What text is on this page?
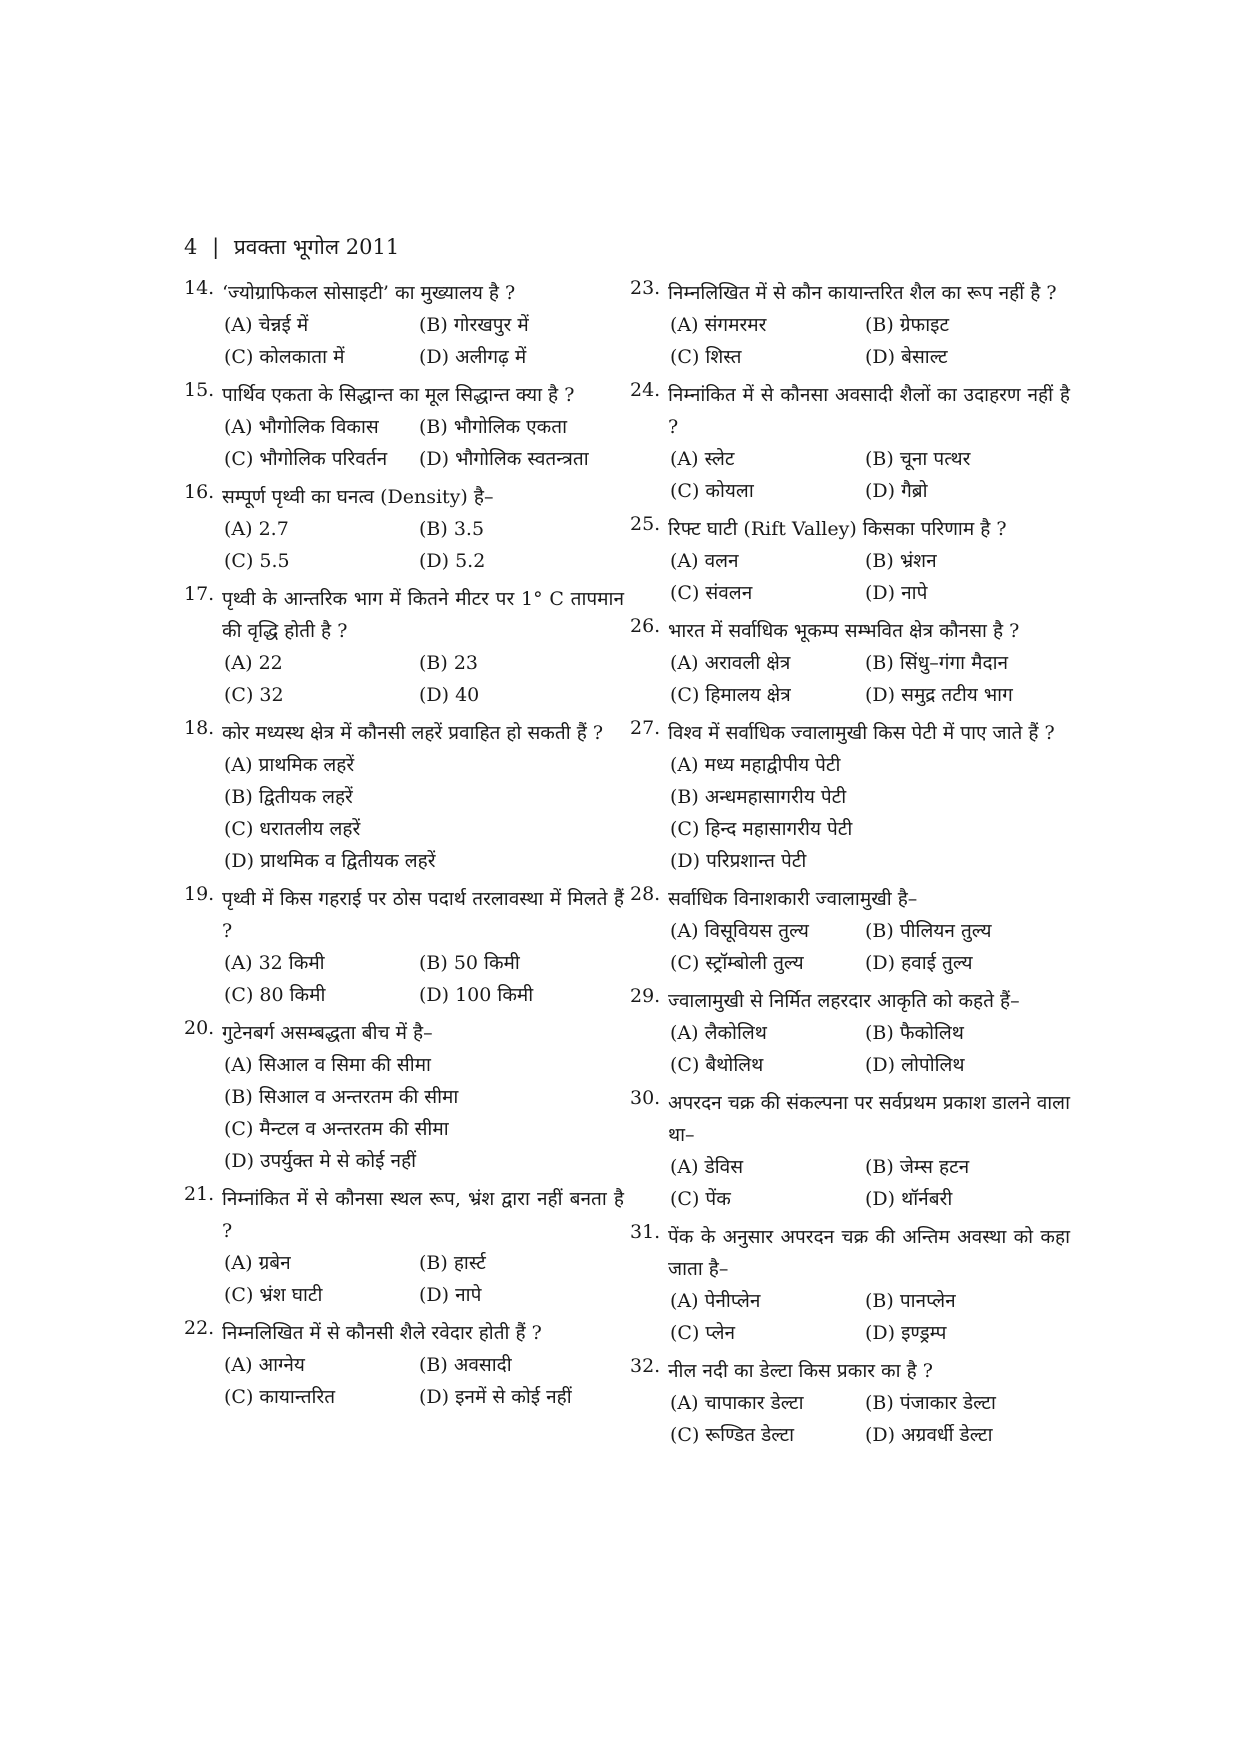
4 | प्रवक्ता भूगोल 2011
14. ‘ज्योग्राफिकल सोसाइटी’ का मुख्यालय है ?
(A) चेन्नई में	(B) गोरखपुर में
(C) कोलकाता में	(D) अलीगढ़ में
15. पार्थिव एकता के सिद्धान्त का मूल सिद्धान्त क्या है ?
(A) भौगोलिक विकास	(B) भौगोलिक एकता
(C) भौगोलिक परिवर्तन	(D) भौगोलिक स्वतन्त्रता
16. सम्पूर्ण पृथ्वी का घनत्व (Density) है–
(A) 2.7	(B) 3.5
(C) 5.5	(D) 5.2
17. पृथ्वी के आन्तरिक भाग में कितने मीटर पर 1° C तापमान की वृद्धि होती है ?
(A) 22	(B) 23
(C) 32	(D) 40
18. कोर मध्यस्थ क्षेत्र में कौनसी लहरें प्रवाहित हो सकती हैं ?
(A) प्राथमिक लहरें
(B) द्वितीयक लहरें
(C) धरातलीय लहरें
(D) प्राथमिक व द्वितीयक लहरें
19. पृथ्वी में किस गहराई पर ठोस पदार्थ तरलावस्था में मिलते हैं ?
(A) 32 किमी	(B) 50 किमी
(C) 80 किमी	(D) 100 किमी
20. गुटेनबर्ग असम्बद्धता बीच में है–
(A) सिआल व सिमा की सीमा
(B) सिआल व अन्तरतम की सीमा
(C) मैन्टल व अन्तरतम की सीमा
(D) उपर्युक्त मे से कोई नहीं
21. निम्नांकित में से कौनसा स्थल रूप, भ्रंश द्वारा नहीं बनता है ?
(A) ग्रबेन	(B) हार्स्ट
(C) भ्रंश घाटी	(D) नापे
22. निम्नलिखित में से कौनसी शैले रवेदार होती हैं ?
(A) आग्नेय	(B) अवसादी
(C) कायान्तरित	(D) इनमें से कोई नहीं
23. निम्नलिखित में से कौन कायान्तरित शैल का रूप नहीं है ?
(A) संगमरमर	(B) ग्रेफाइट
(C) शिस्त	(D) बेसाल्ट
24. निम्नांकित में से कौनसा अवसादी शैलों का उदाहरण नहीं है ?
(A) स्लेट	(B) चूना पत्थर
(C) कोयला	(D) गैब्रो
25. रिफ्ट घाटी (Rift Valley) किसका परिणाम है ?
(A) वलन	(B) भ्रंशन
(C) संवलन	(D) नापे
26. भारत में सर्वाधिक भूकम्प सम्भवित क्षेत्र कौनसा है ?
(A) अरावली क्षेत्र	(B) सिंधु–गंगा मैदान
(C) हिमालय क्षेत्र	(D) समुद्र तटीय भाग
27. विश्व में सर्वाधिक ज्वालामुखी किस पेटी में पाए जाते हैं ?
(A) मध्य महाद्वीपीय पेटी
(B) अन्धमहासागरीय पेटी
(C) हिन्द महासागरीय पेटी
(D) परिप्रशान्त पेटी
28. सर्वाधिक विनाशकारी ज्वालामुखी है–
(A) विसूवियस तुल्य	(B) पीलियन तुल्य
(C) स्ट्रॉम्बोली तुल्य	(D) हवाई तुल्य
29. ज्वालामुखी से निर्मित लहरदार आकृति को कहते हैं–
(A) लैकोलिथ	(B) फैकोलिथ
(C) बैथोलिथ	(D) लोपोलिथ
30. अपरदन चक्र की संकल्पना पर सर्वप्रथम प्रकाश डालने वाला था–
(A) डेविस	(B) जेम्स हटन
(C) पेंक	(D) थॉर्नबरी
31. पेंक के अनुसार अपरदन चक्र की अन्तिम अवस्था को कहा जाता है–
(A) पेनीप्लेन	(B) पानप्लेन
(C) प्लेन	(D) इण्ड्रम्प
32. नील नदी का डेल्टा किस प्रकार का है ?
(A) चापाकार डेल्टा	(B) पंजाकार डेल्टा
(C) रूण्डित डेल्टा	(D) अग्रवर्धी डेल्टा
